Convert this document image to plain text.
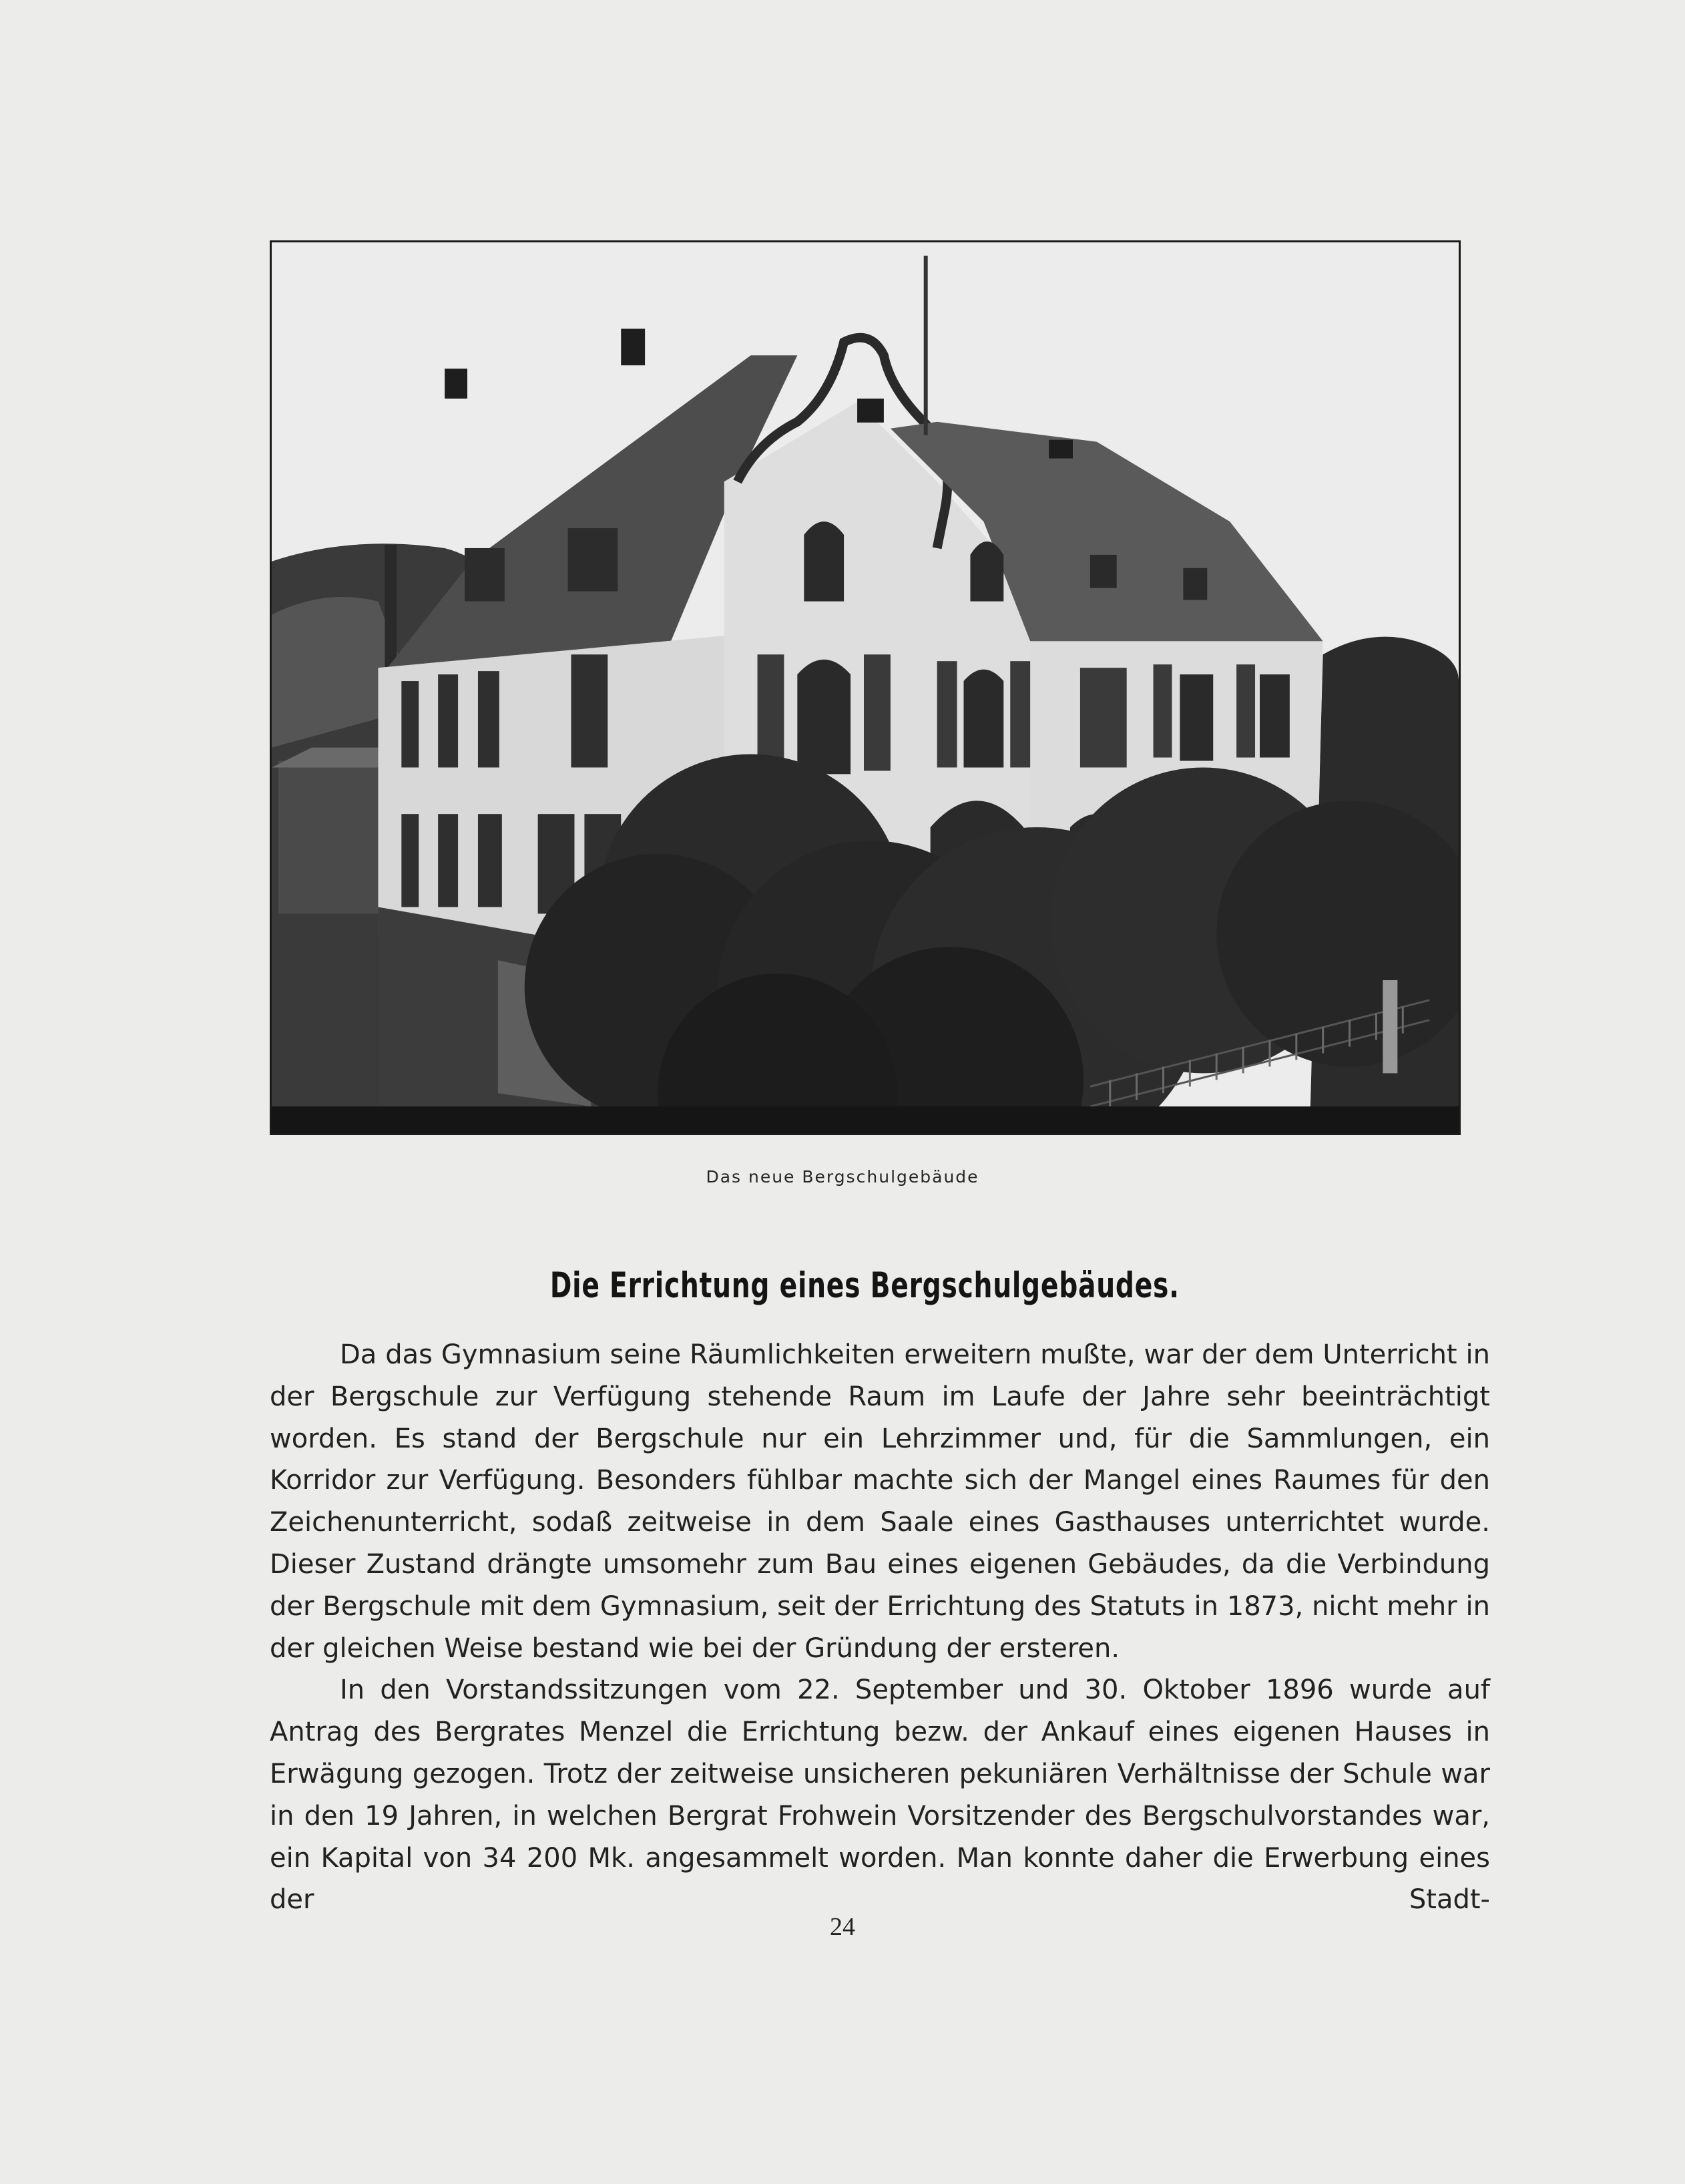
Das neue Bergschulgebäude
Die Errichtung eines Bergschulgebäudes.

Da das Gymnasium seine Räumlichkeiten erweitern mußte, war der dem Unterricht in der Bergschule zur Verfügung stehende Raum im Laufe der Jahre sehr beeinträchtigt worden. Es stand der Bergschule nur ein Lehrzimmer und, für die Sammlungen, ein Korridor zur Verfügung. Besonders fühlbar machte sich der Mangel eines Raumes für den Zeichenunterricht, sodaß zeitweise in dem Saale eines Gasthauses unterrichtet wurde. Dieser Zustand drängte umsomehr zum Bau eines eigenen Gebäudes, da die Verbindung der Bergschule mit dem Gymnasium, seit der Errichtung des Statuts in 1873, nicht mehr in der gleichen Weise bestand wie bei der Gründung der ersteren.

In den Vorstandssitzungen vom 22. September und 30. Oktober 1896 wurde auf Antrag des Bergrates Menzel die Errichtung bezw. der Ankauf eines eigenen Hauses in Erwägung gezogen. Trotz der zeitweise unsicheren pekuniären Verhältnisse der Schule war in den 19 Jahren, in welchen Bergrat Frohwein Vorsitzender des Bergschulvorstandes war, ein Kapital von 34 200 Mk. angesammelt worden. Man konnte daher die Erwerbung eines der Stadt-

24
